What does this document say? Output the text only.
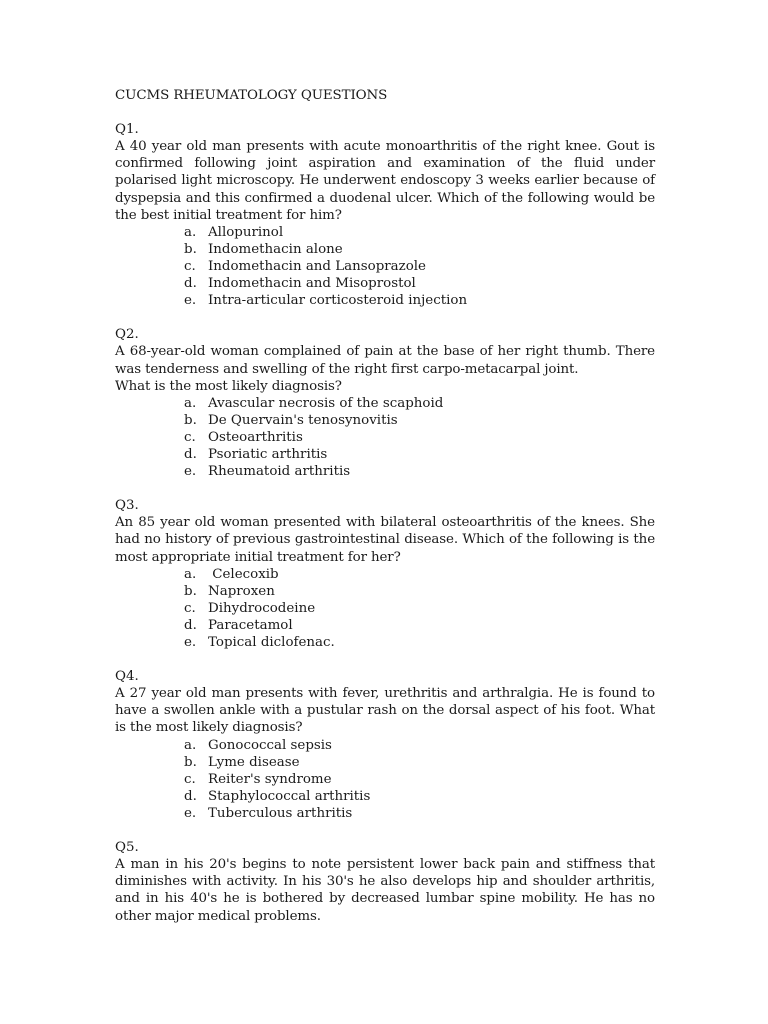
CUCMS RHEUMATOLOGY QUESTIONS
Q1.

A 40 year old man presents with acute monoarthritis of the right knee. Gout is confirmed following joint aspiration and examination of the fluid under polarised light microscopy. He underwent endoscopy 3 weeks earlier because of dyspepsia and this confirmed a duodenal ulcer. Which of the following would be the best initial treatment for him?

a. Allopurinol
b. Indomethacin alone
c. Indomethacin and Lansoprazole
d. Indomethacin and Misoprostol
e. Intra-articular corticosteroid injection
Q2.

A 68-year-old woman complained of pain at the base of her right thumb. There was tenderness and swelling of the right first carpo-metacarpal joint.

What is the most likely diagnosis?

a. Avascular necrosis of the scaphoid
b. De Quervain's tenosynovitis
c. Osteoarthritis
d. Psoriatic arthritis
e. Rheumatoid arthritis
Q3.

An 85 year old woman presented with bilateral osteoarthritis of the knees. She had no history of previous gastrointestinal disease. Which of the following is the most appropriate initial treatment for her?

a. Celecoxib
b. Naproxen
c. Dihydrocodeine
d. Paracetamol
e. Topical diclofenac.
Q4.

A 27 year old man presents with fever, urethritis and arthralgia. He is found to have a swollen ankle with a pustular rash on the dorsal aspect of his foot. What is the most likely diagnosis?

a. Gonococcal sepsis
b. Lyme disease
c. Reiter's syndrome
d. Staphylococcal arthritis
e. Tuberculous arthritis
Q5.

A man in his 20's begins to note persistent lower back pain and stiffness that diminishes with activity. In his 30's he also develops hip and shoulder arthritis, and in his 40's he is bothered by decreased lumbar spine mobility. He has no other major medical problems.
